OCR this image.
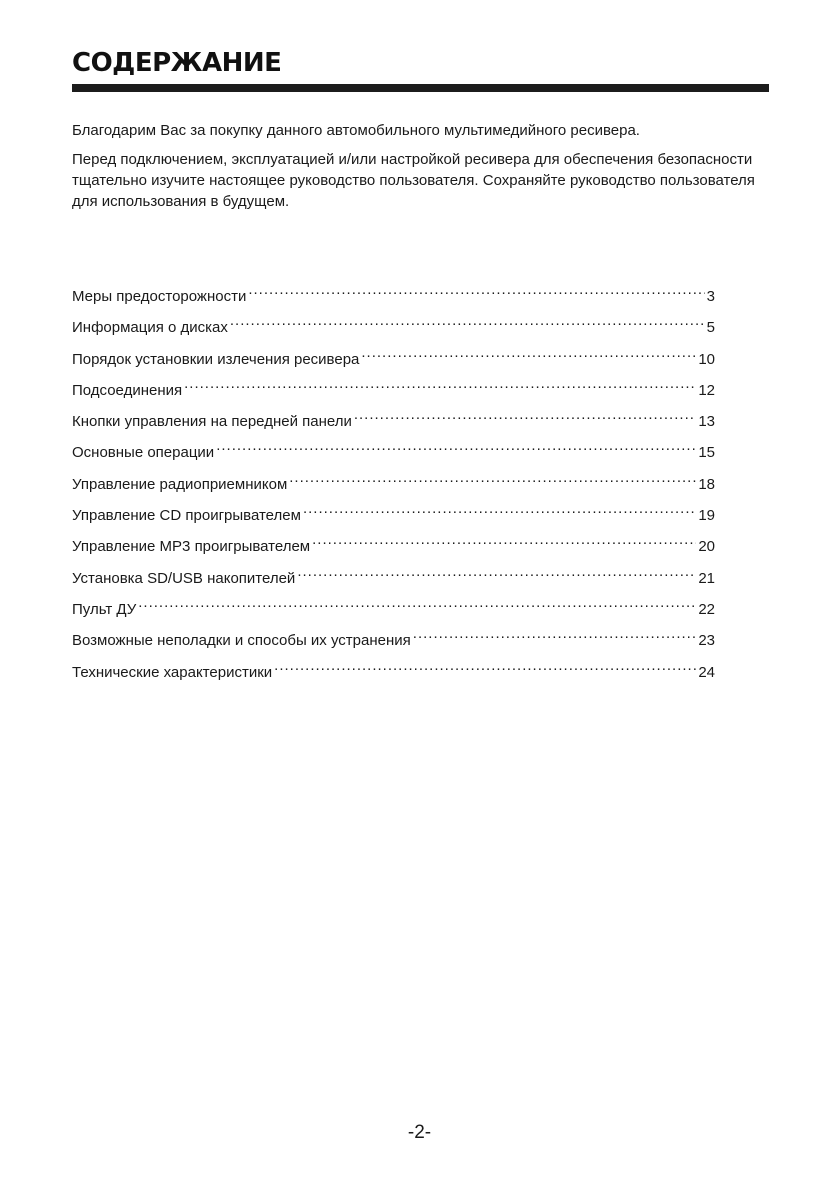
СОДЕРЖАНИЕ

Благодарим Вас за покупку данного автомобильного мультимедийного ресивера.

Перед подключением, эксплуатацией и/или настройкой ресивера для обеспечения безопасности тщательно изучите настоящее руководство пользователя. Сохраняйте руководство пользователя для использования в будущем.

Меры предосторожности .....	3
Информация о дисках .....	5
Порядок установкии излечения ресивера .....	10
Подсоединения .....	12
Кнопки управления на передней панели .....	13
Основные операции .....	15
Управление радиоприемником .....	18
Управление CD проигрывателем .....	19
Управление MP3 проигрывателем .....	20
Установка SD/USB накопителей .....	21
Пульт ДУ .....	22
Возможные неполадки и способы их устранения .....	23
Технические характеристики .....	24
-2-
